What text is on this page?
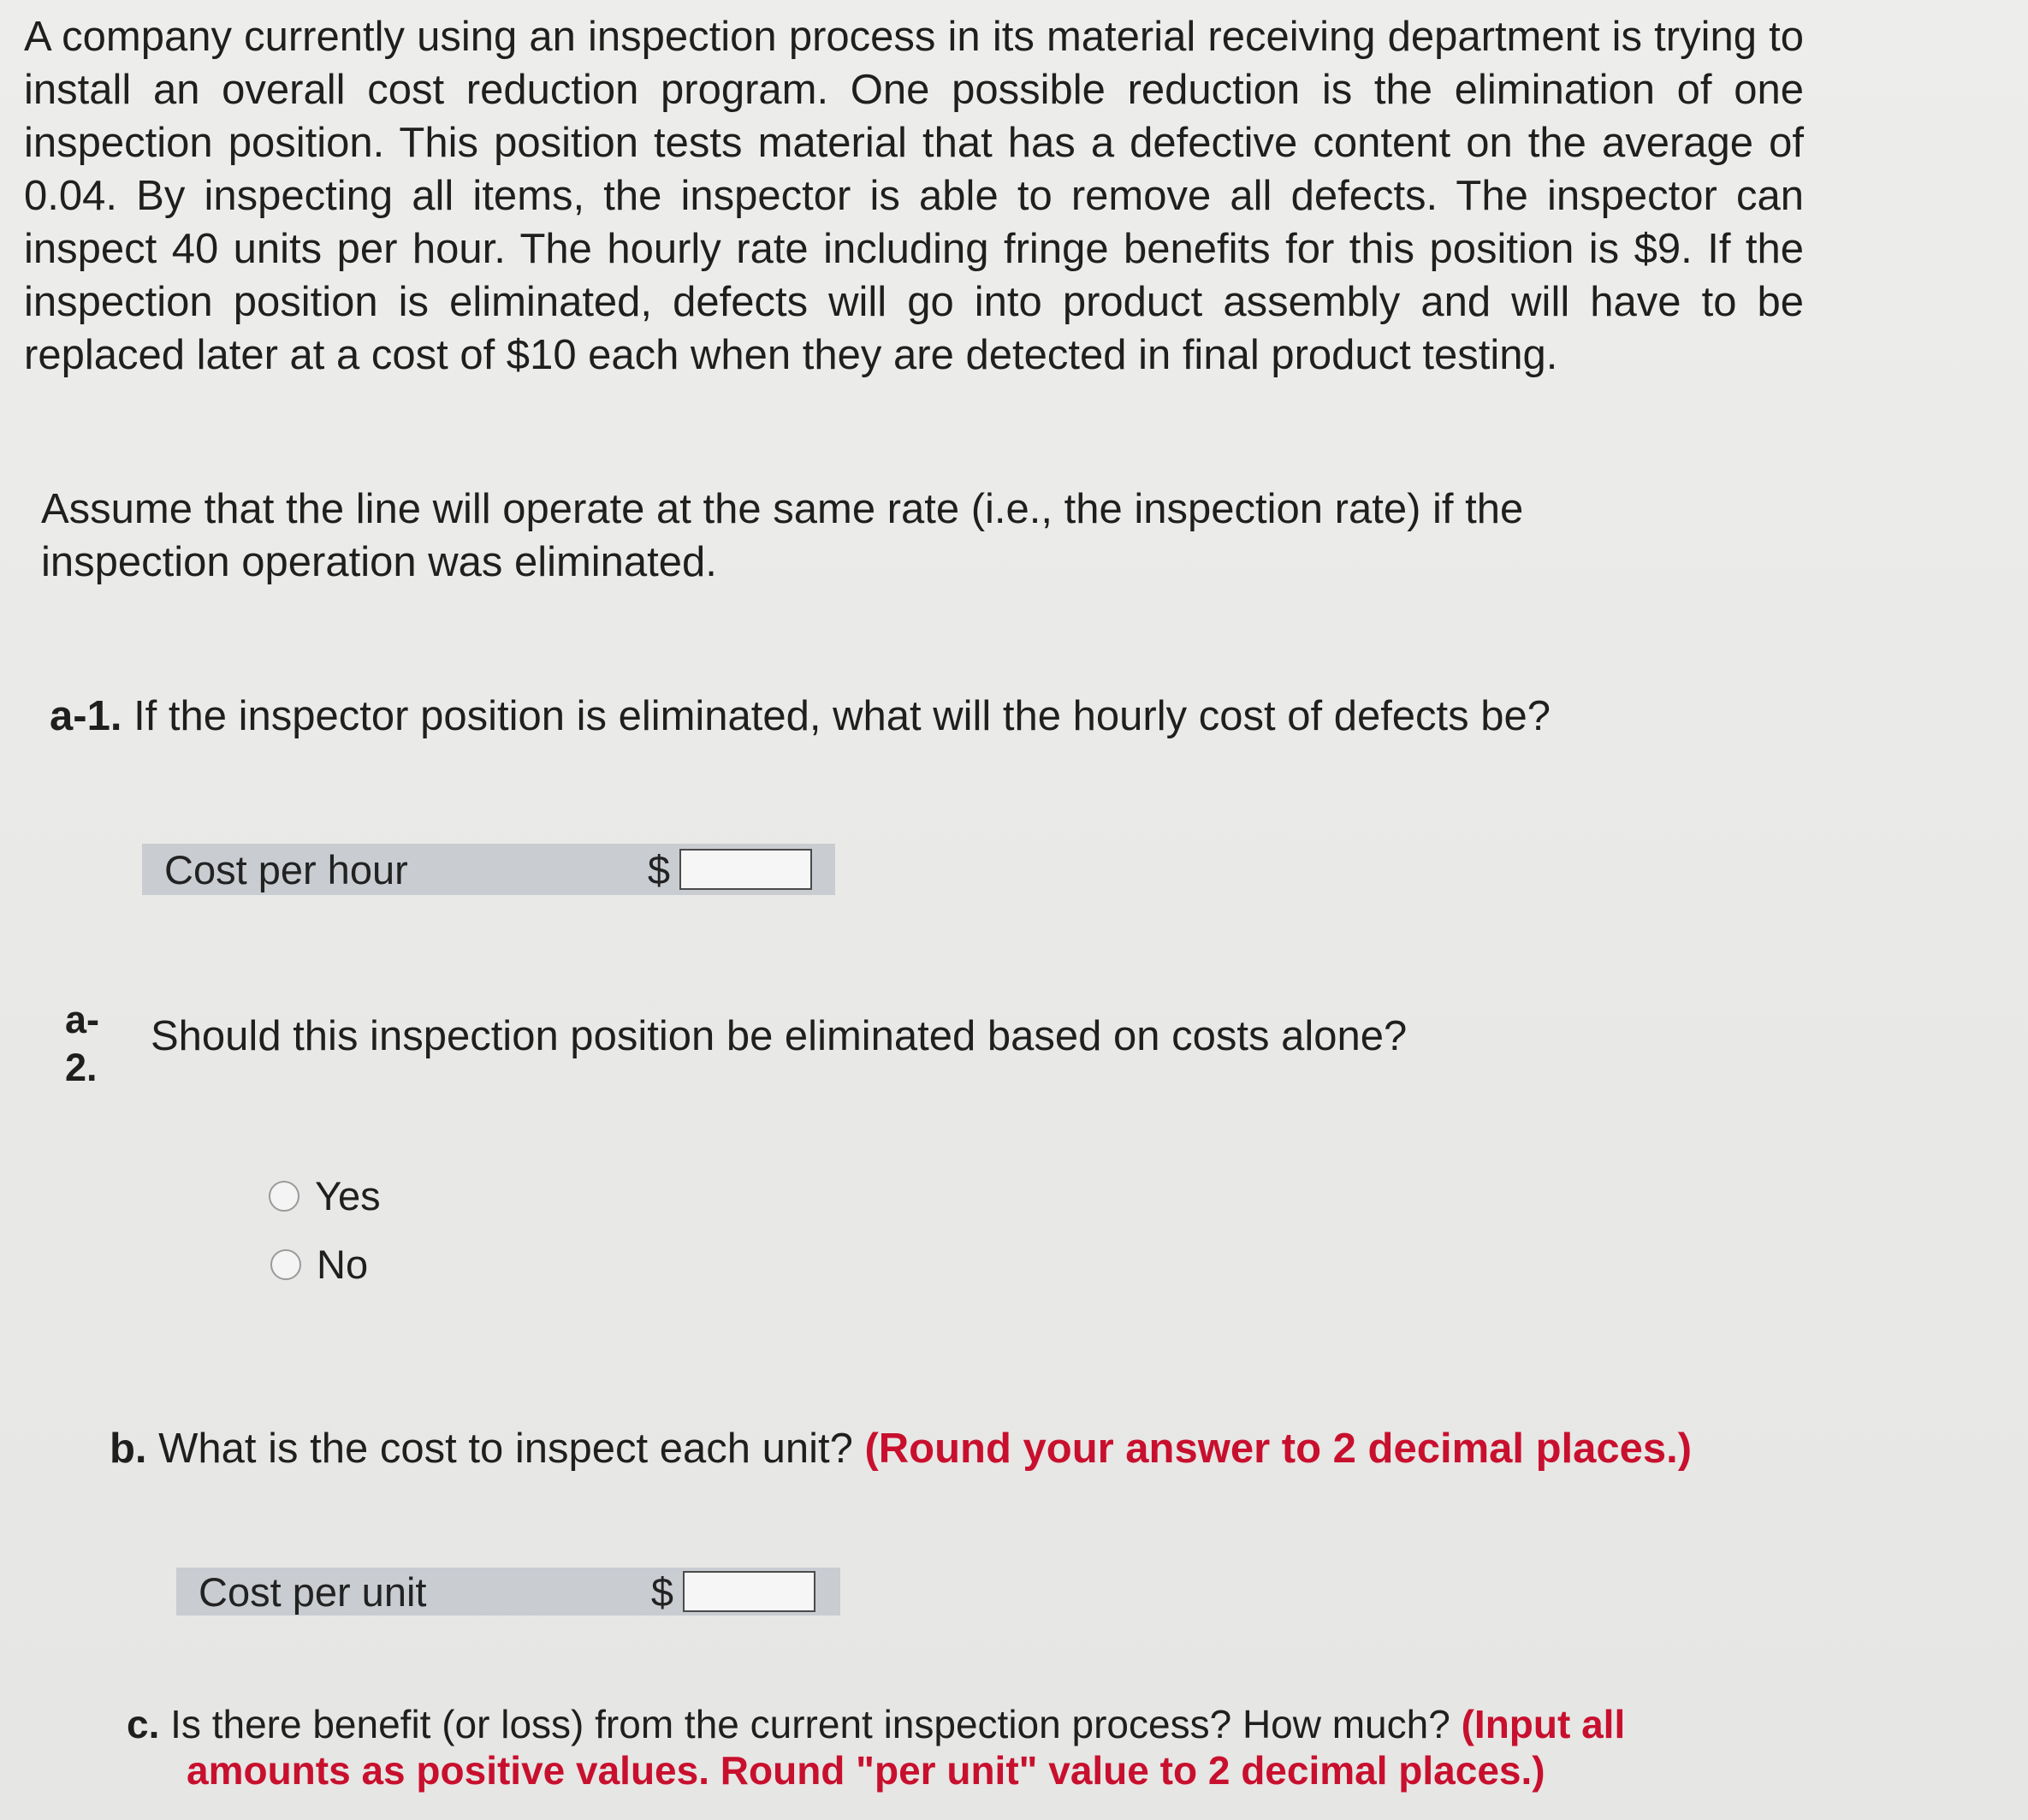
A company currently using an inspection process in its material receiving department is trying to install an overall cost reduction program. One possible reduction is the elimination of one inspection position. This position tests material that has a defective content on the average of 0.04. By inspecting all items, the inspector is able to remove all defects. The inspector can inspect 40 units per hour. The hourly rate including fringe benefits for this position is $9. If the inspection position is eliminated, defects will go into product assembly and will have to be replaced later at a cost of $10 each when they are detected in final product testing.

Assume that the line will operate at the same rate (i.e., the inspection rate) if the inspection operation was eliminated.

a-1. If the inspector position is eliminated, what will the hourly cost of defects be?

Cost per hour	$
a-
2.

Should this inspection position be eliminated based on costs alone?

Yes
No

b. What is the cost to inspect each unit? (Round your answer to 2 decimal places.)

Cost per unit	$

c. Is there benefit (or loss) from the current inspection process? How much? (Input all
amounts as positive values. Round "per unit" value to 2 decimal places.)
